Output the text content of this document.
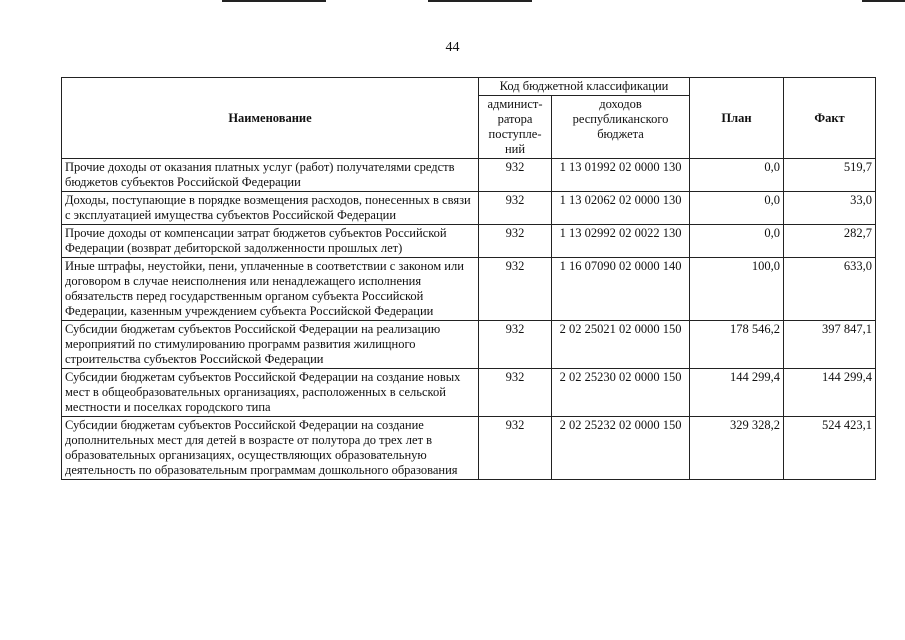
44
Наименование	Код бюджетной классификации		План	Факт
	админист-ратора поступле-ний	доходов республиканского бюджета		
Прочие доходы от оказания платных услуг (работ) получателями средств бюджетов субъектов Российской Федерации	932	1 13 01992 02 0000 130	0,0	519,7
Доходы, поступающие в порядке возмещения расходов, понесенных в связи с эксплуатацией имущества субъектов Российской Федерации	932	1 13 02062 02 0000 130	0,0	33,0
Прочие доходы от компенсации затрат бюджетов субъектов Российской Федерации (возврат дебиторской задолженности прошлых лет)	932	1 13 02992 02 0022 130	0,0	282,7
Иные штрафы, неустойки, пени, уплаченные в соответствии с законом или договором в случае неисполнения или ненадлежащего исполнения обязательств перед государственным органом субъекта Российской Федерации, казенным учреждением субъекта Российской Федерации	932	1 16 07090 02 0000 140	100,0	633,0
Субсидии бюджетам субъектов Российской Федерации на реализацию мероприятий по стимулированию программ развития жилищного строительства субъектов Российской Федерации	932	2 02 25021 02 0000 150	178 546,2	397 847,1
Субсидии бюджетам субъектов Российской Федерации на создание новых мест в общеобразовательных организациях, расположенных в сельской местности и поселках городского типа	932	2 02 25230 02 0000 150	144 299,4	144 299,4
Субсидии бюджетам субъектов Российской Федерации на создание дополнительных мест для детей в возрасте от полутора до трех лет в образовательных организациях, осуществляющих образовательную деятельность по образовательным программам дошкольного образования	932	2 02 25232 02 0000 150	329 328,2	524 423,1
